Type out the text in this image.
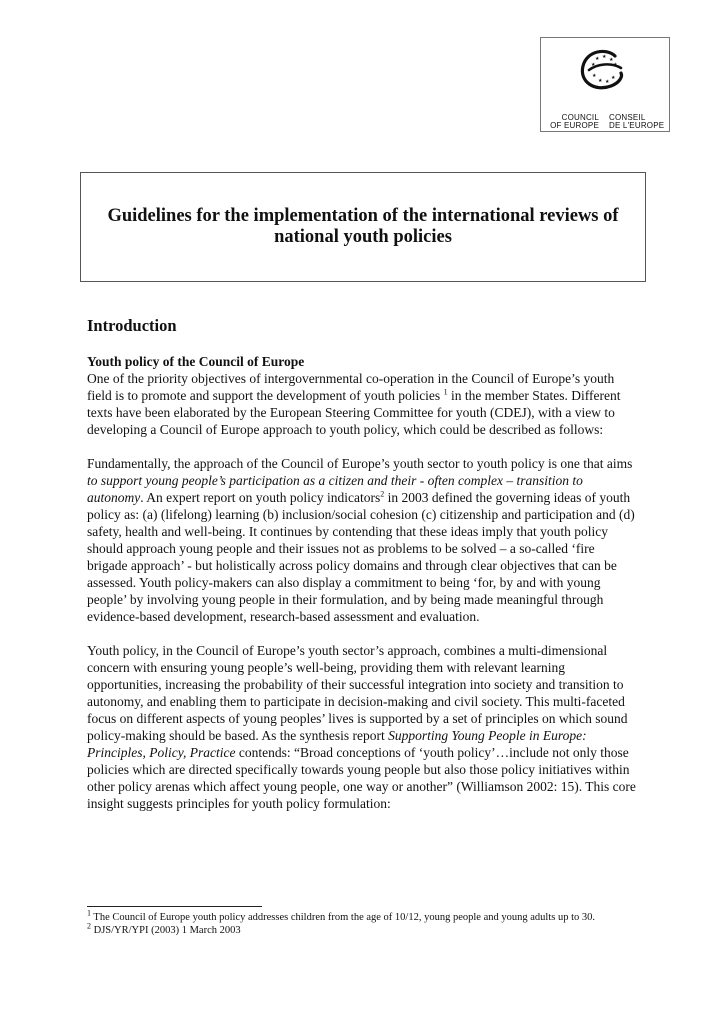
★ ★ ★
★	★
★
★ ★
★
COUNCIL
OF EUROPE
CONSEIL
DE L'EUROPE
Guidelines for the implementation of the international reviews of national youth policies
Introduction
Youth policy of the Council of Europe

One of the priority objectives of intergovernmental co-operation in the Council of Europe’s youth field is to promote and support the development of youth policies $^1$ in the member States. Different texts have been elaborated by the European Steering Committee for youth (CDEJ), with a view to developing a Council of Europe approach to youth policy, which could be described as follows:

Fundamentally, the approach of the Council of Europe’s youth sector to youth policy is one that aims to support young people’s participation as a citizen and their - often complex – transition to autonomy. An expert report on youth policy indicators$^2$ in 2003 defined the governing ideas of youth policy as: (a) (lifelong) learning (b) inclusion/social cohesion (c) citizenship and participation and (d) safety, health and well-being. It continues by contending that these ideas imply that youth policy should approach young people and their issues not as problems to be solved – a so-called ‘fire brigade approach’ - but holistically across policy domains and through clear objectives that can be assessed. Youth policy-makers can also display a commitment to being ‘for, by and with young people’ by involving young people in their formulation, and by being made meaningful through evidence-based development, research-based assessment and evaluation.

Youth policy, in the Council of Europe’s youth sector’s approach, combines a multi-dimensional concern with ensuring young people’s well-being, providing them with relevant learning opportunities, increasing the probability of their successful integration into society and transition to autonomy, and enabling them to participate in decision-making and civil society. This multi-faceted focus on different aspects of young peoples’ lives is supported by a set of principles on which sound policy-making should be based. As the synthesis report Supporting Young People in Europe: Principles, Policy, Practice contends: “Broad conceptions of ‘youth policy’…include not only those policies which are directed specifically towards young people but also those policy initiatives within other policy arenas which affect young people, one way or another” (Williamson 2002: 15). This core insight suggests principles for youth policy formulation:

$^1$ The Council of Europe youth policy addresses children from the age of 10/12, young people and young adults up to 30.
$^2$ DJS/YR/YPI (2003) 1 March 2003
